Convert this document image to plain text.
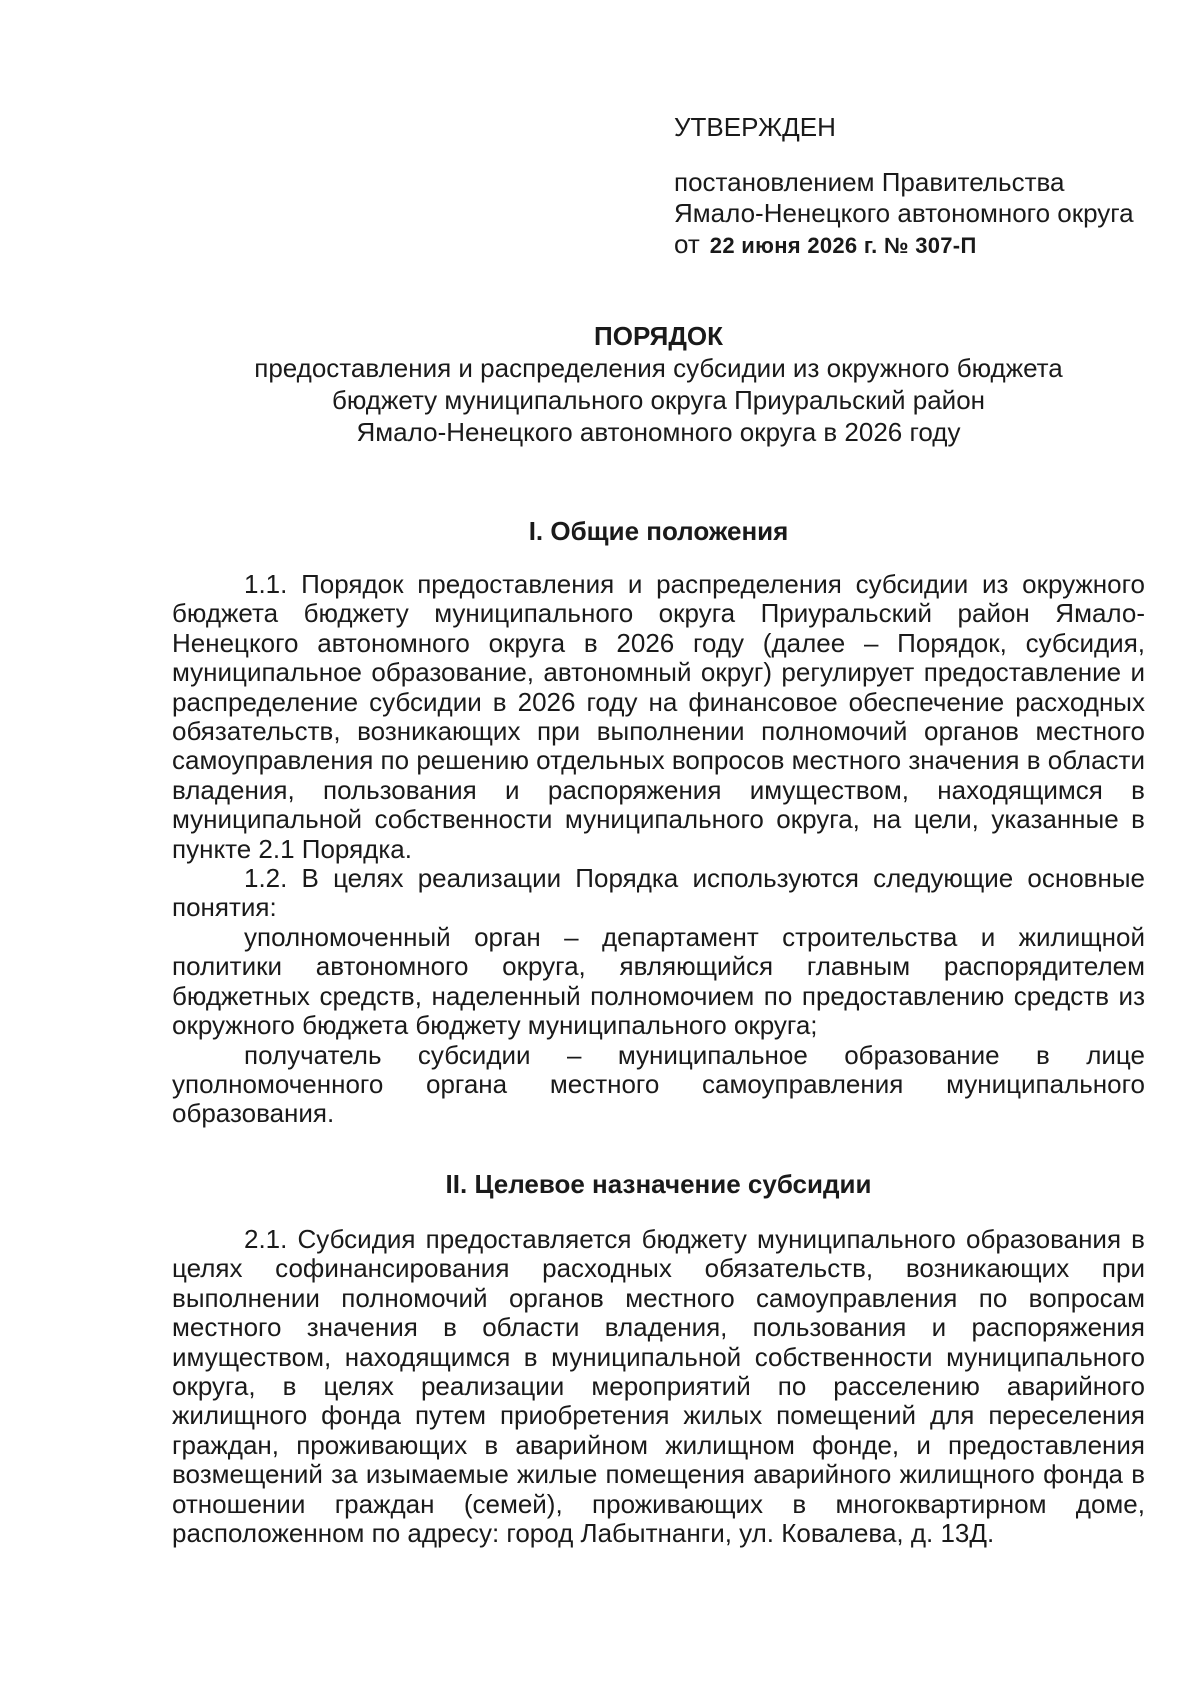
УТВЕРЖДЕН
постановлением Правительства
Ямало-Ненецкого автономного округа
от 22 июня 2026 г. № 307-П
ПОРЯДОК
предоставления и распределения субсидии из окружного бюджета
бюджету муниципального округа Приуральский район
Ямало-Ненецкого автономного округа в 2026 году
I. Общие положения

1.1. Порядок предоставления и распределения субсидии из окружного бюджета бюджету муниципального округа Приуральский район Ямало-Ненецкого автономного округа в 2026 году (далее – Порядок, субсидия, муниципальное образование, автономный округ) регулирует предоставление и распределение субсидии в 2026 году на финансовое обеспечение расходных обязательств, возникающих при выполнении полномочий органов местного самоуправления по решению отдельных вопросов местного значения в области владения, пользования и распоряжения имуществом, находящимся в муниципальной собственности муниципального округа, на цели, указанные в пункте 2.1 Порядка.

1.2. В целях реализации Порядка используются следующие основные понятия:

уполномоченный орган – департамент строительства и жилищной политики автономного округа, являющийся главным распорядителем бюджетных средств, наделенный полномочием по предоставлению средств из окружного бюджета бюджету муниципального округа;

получатель субсидии – муниципальное образование в лице уполномоченного органа местного самоуправления муниципального образования.

II. Целевое назначение субсидии

2.1. Субсидия предоставляется бюджету муниципального образования в целях софинансирования расходных обязательств, возникающих при выполнении полномочий органов местного самоуправления по вопросам местного значения в области владения, пользования и распоряжения имуществом, находящимся в муниципальной собственности муниципального округа, в целях реализации мероприятий по расселению аварийного жилищного фонда путем приобретения жилых помещений для переселения граждан, проживающих в аварийном жилищном фонде, и предоставления возмещений за изымаемые жилые помещения аварийного жилищного фонда в отношении граждан (семей), проживающих в многоквартирном доме, расположенном по адресу: город Лабытнанги, ул. Ковалева, д. 13Д.
